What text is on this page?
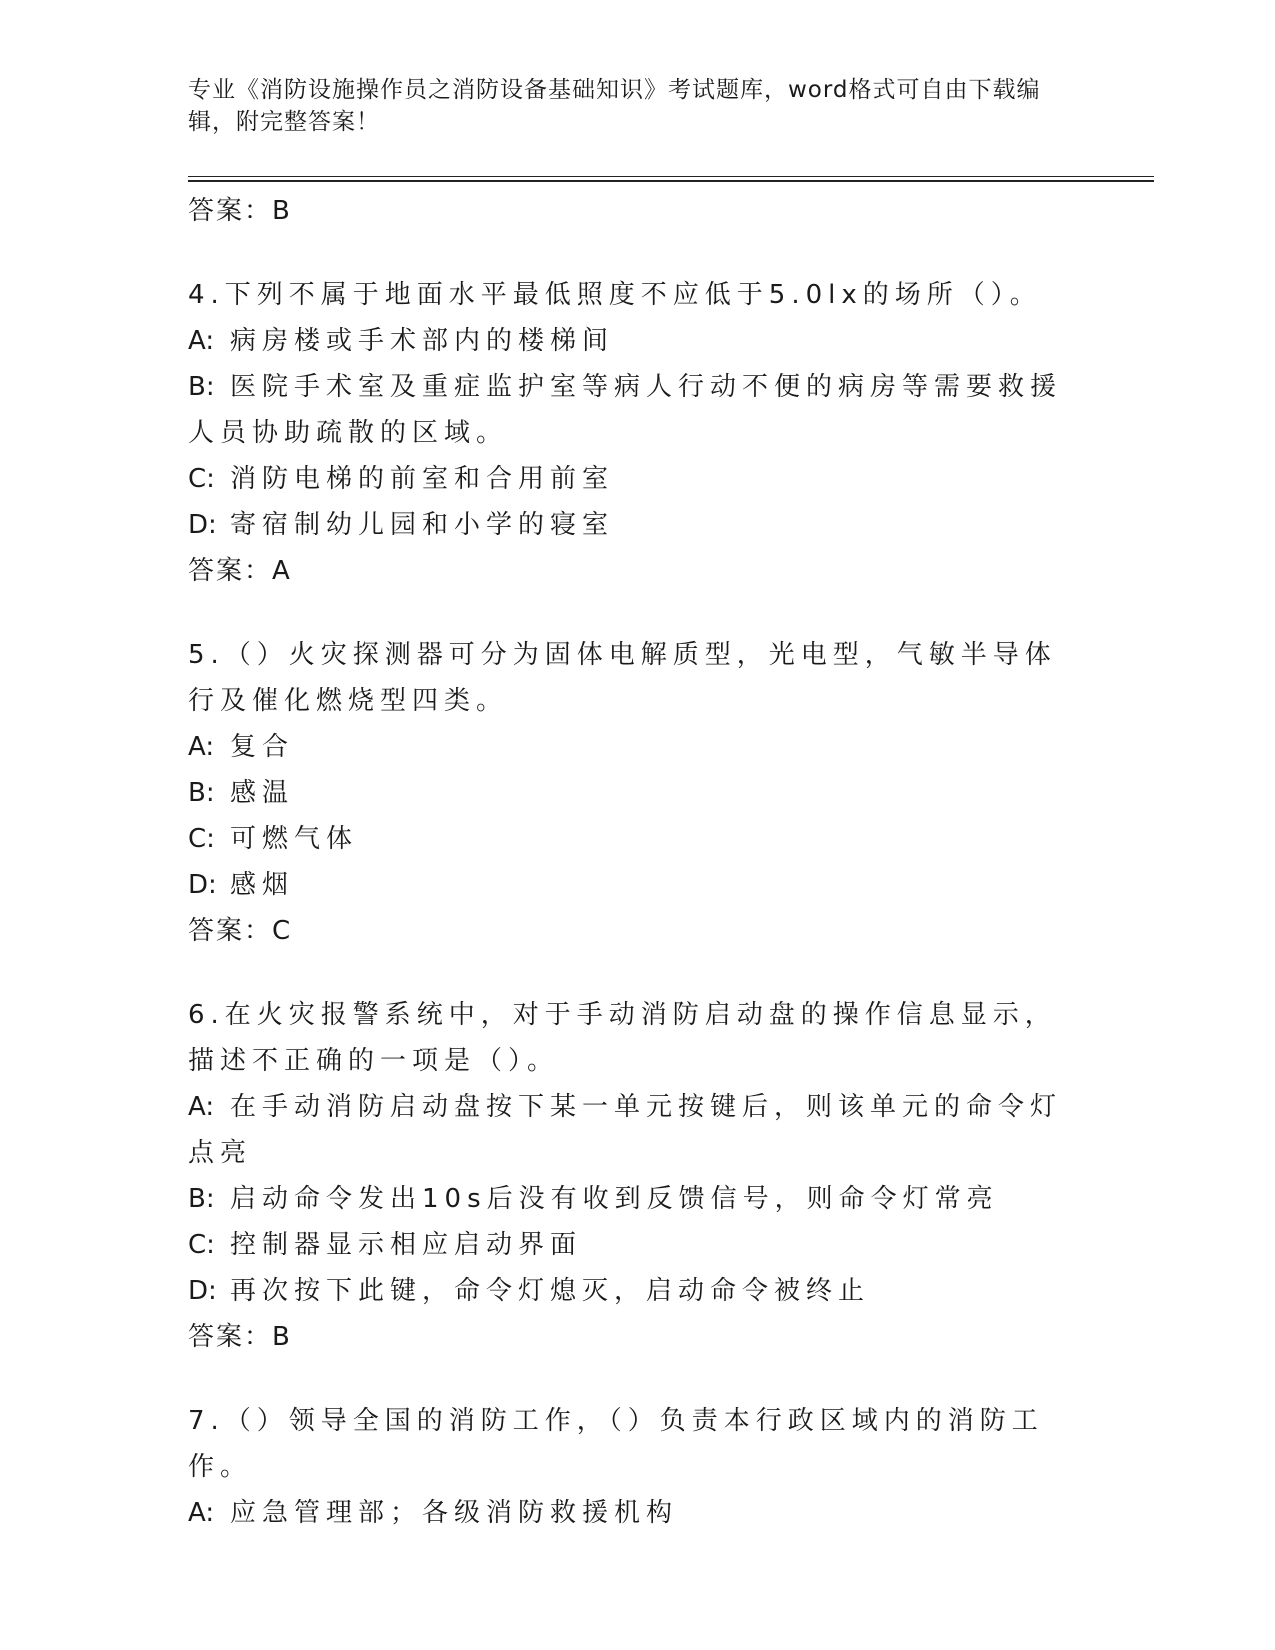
专业《消防设施操作员之消防设备基础知识》考试题库，word格式可自由下载编辑，附完整答案！

答案：B

4.下列不属于地面水平最低照度不应低于5.0lx的场所（）。

A: 病房楼或手术部内的楼梯间

B: 医院手术室及重症监护室等病人行动不便的病房等需要救援人员协助疏散的区域。

C: 消防电梯的前室和合用前室

D: 寄宿制幼儿园和小学的寝室

答案：A

5.（）火灾探测器可分为固体电解质型，光电型，气敏半导体行及催化燃烧型四类。

A: 复合

B: 感温

C: 可燃气体

D: 感烟

答案：C

6.在火灾报警系统中，对于手动消防启动盘的操作信息显示，描述不正确的一项是（）。

A: 在手动消防启动盘按下某一单元按键后，则该单元的命令灯点亮

B: 启动命令发出10s后没有收到反馈信号，则命令灯常亮

C: 控制器显示相应启动界面

D: 再次按下此键，命令灯熄灭，启动命令被终止

答案：B

7.（）领导全国的消防工作，（）负责本行政区域内的消防工作。

A: 应急管理部；各级消防救援机构
